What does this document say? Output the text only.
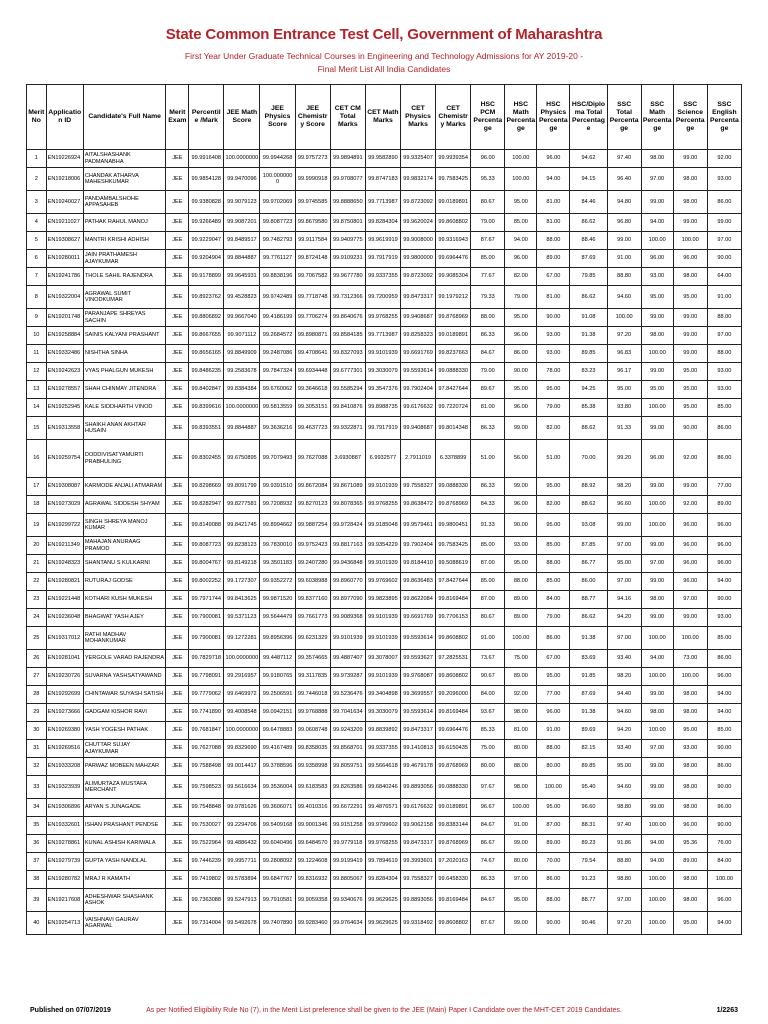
State Common Entrance Test Cell, Government of Maharashtra
First Year Under Graduate Technical Courses in Engineering and Technology Admissions for AY 2019-20 -
Final Merit List All India Candidates
Merit No	Application ID	Candidate's Full Name	Merit Exam	Percentile /Mark	JEE Math Score	JEE Physics Score	JEE Chemistry Score	CET CM Total Marks	CET Math Marks	CET Physics Marks	CET Chemistry Marks	HSC PCM Percentage	HSC Math Percentage	HSC Physics Percentage	HSC/Diploma Total Percentage	SSC Total Percentage	SSC Math Percentage	SSC Science Percentage	SSC English Percentage
1	EN19226924	AITALSHASHANK PADMANABHA	JEE	99.9916408	100.0000000	99.9944268	99.9757273	99.9894891	99.9582890	99.9325407	99.9939354	96.00	100.00	96.00	94.62	97.40	98.00	99.00	92.00
2	EN19218006	CHANDAK ATHARVA MAHESHKUMAR	JEE	99.9854128	99.9470096	100.0000000	99.9990918	99.9708077	99.8747183	99.9832174	99.7583425	95.33	100.00	94.00	94.15	96.40	97.00	98.00	93.00
3	EN19240027	PANDAMBALSHOHE APPASAHEB	JEE	99.9380828	99.9079123	99.9702069	99.9745585	99.8888650	99.7713987	99.8723092	99.0189891	80.67	95.00	81.00	84.46	94.80	99.00	98.00	86.00
4	EN19211027	PATHAK RAHUL MANOJ	JEE	99.9266489	99.9087201	99.8087723	99.8679580	99.8750801	99.8284304	99.9620024	99.8608802	79.00	85.00	81.00	86.62	96.80	94.00	99.00	99.00
5	EN19308627	MANTRI KRISHI ADHISH	JEE	99.9229047	99.8489517	99.7482793	99.9117584	99.9409775	99.9619919	99.9008000	99.9316943	87.67	94.00	88.00	88.46	99.00	100.00	100.00	97.00
6	EN19280011	JAIN PRATHAMESH AJAYKUMAR	JEE	99.9204904	99.8844887	99.7761127	99.8724148	99.9109231	99.7917919	99.9800000	99.6964476	85.00	96.00	89.00	87.69	91.00	96.00	96.00	90.00
7	EN19241786	THOLE SAHIL RAJENDRA	JEE	99.9178899	99.9645931	99.8838196	99.7067582	99.9677780	99.9337355	99.8723092	99.9085304	77.67	82.00	67.00	79.85	88.80	93.00	98.00	64.00
8	EN19322004	AGRAWAL SUMIT VINODKUMAR	JEE	99.8923762	99.4528823	99.9742489	99.7718748	99.7312366	99.7200959	99.8473317	99.1979212	79.33	79.00	81.00	86.62	94.60	95.00	95.00	91.00
9	EN19201748	PARANJAPE SHREYAS SACHIN	JEE	99.8806892	99.9667040	99.4186199	99.7706274	99.8640676	99.9768255	99.9408687	99.8768969	88.00	95.00	90.00	91.08	100.00	99.00	99.00	88.00
10	EN19258884	SAINIS KALYANI PRASHANT	JEE	99.8667655	99.9071112	99.2684572	99.8980871	99.8584185	99.7713987	99.8258323	99.0189891	86.33	96.00	93.00	91.38	97.20	98.00	99.00	97.00
11	EN19332486	NISHTHA SINHA	JEE	99.8656165	99.8849909	99.2487086	99.4708641	99.8327093	99.9101939	99.6691769	99.8237663	84.67	86.00	93.00	89.85	96.83	100.00	99.00	88.00
12	EN19242623	VYAS PHALGUN MUKESH	JEE	99.8486235	99.2583678	99.7847324	99.6934448	99.6777301	99.3030079	99.5593614	99.0888330	79.00	90.00	78.00	83.23	96.17	99.00	95.00	93.00
13	EN19278557	SHAH CHINMAY JITENDRA	JEE	99.8402847	99.8384384	99.6760062	99.3646618	99.5585294	99.3547376	99.7902404	97.8427644	89.67	95.00	95.00	94.25	95.00	95.00	95.00	93.00
14	EN19252945	KALE SIDDHARTH VINOD	JEE	99.8399616	100.0000000	99.5813559	99.3053151	99.8410876	99.8988735	99.6176632	99.7220724	81.00	96.00	79.00	85.38	93.80	100.00	95.00	85.00
15	EN19313558	SHAIKH ANAN AKHTAR HUSAIN	JEE	99.8393551	99.8844887	99.3636216	99.4637723	99.9322871	99.7917919	99.9408687	99.8014348	86.33	99.00	82.00	88.62	91.33	99.00	90.00	86.00
16	EN19259754	DODDIVISATYAMURTI PRABHULING	JEE	99.8302455	99.6750895	99.7079493	99.7627088	3.6930887	6.9932577	2.7911019	6.3378899	51.00	56.00	51.00	70.00	99.20	96.00	92.00	86.00
17	EN19308087	KARMODE ANJALI ATMARAM	JEE	99.8298669	99.8091799	99.9391510	99.8672084	99.8671089	99.9101939	99.7558327	99.0888330	86.33	99.00	95.00	88.92	98.20	99.00	99.00	77.00
18	EN19273029	AGRAWAL SIDDESH SHYAM	JEE	99.8282947	99.8277581	99.7208932	99.8270123	99.8078365	99.9768255	99.8638472	99.8768969	84.33	96.00	82.00	88.62	96.60	100.00	92.00	89.00
19	EN19299722	SINGH SHREYA MANOJ KUMAR	JEE	99.8149088	99.8421745	99.8994662	99.9887254	99.9728424	99.9185048	99.9579461	99.9800451	91.33	90.00	95.00	93.08	99.00	100.00	96.00	96.00
20	EN19211349	MAHAJAN ANURAAG PRAMOD	JEE	99.8087723	99.8238123	99.7830010	99.9752423	99.8817163	99.9354229	99.7902404	99.7583425	85.00	93.00	85.00	87.85	97.00	99.00	96.00	96.00
21	EN19248323	SHANTANU S KULKARNI	JEE	99.8004767	99.8149218	99.3501183	99.2407280	99.9436848	99.9101939	99.8184410	99.5088619	87.00	95.00	88.00	86.77	95.00	97.00	96.00	96.00
22	EN19280821	RUTURAJ GODSE	JEE	99.8002252	99.1727307	99.9352272	99.6038988	99.8960770	99.9769602	99.8636483	97.8427644	85.00	88.00	85.00	86.00	97.00	99.00	96.00	94.00
23	EN19221448	KOTHARI KUSH MUKESH	JEE	99.7971744	99.8413625	99.9871520	99.8377160	99.8977090	99.9823895	99.8622084	99.8169484	87.00	89.00	84.00	88.77	94.16	98.00	97.00	90.00
24	EN19236048	BHAGWAT YASH AJEY	JEE	99.7900081	99.5371123	99.5644479	99.7661773	99.9089368	99.9101939	99.6691769	99.7706153	80.67	89.00	79.00	86.62	94.20	99.00	99.00	93.00
25	EN19317012	RATHI MADHAV MOHANKUMAR	JEE	99.7900081	99.1272281	99.8956396	99.6231329	99.9101939	99.9101939	99.5593614	99.8608802	91.00	100.00	86.00	91.38	97.00	100.00	100.00	85.00
26	EN19281041	YERGOLE VARAD RAJENDRA	JEE	99.7829718	100.0000000	99.4487112	99.3574665	99.4887407	99.3078007	99.5593627	97.2825531	73.67	75.00	67.00	83.69	93.40	94.00	73.00	86.00
27	EN19230726	SUVARNA YASHSATYAWAND	JEE	99.7798091	99.2916957	99.9180765	99.3117835	99.9739287	99.9101939	99.9768087	99.8608802	90.67	89.00	95.00	91.85	98.20	100.00	100.00	96.00
28	EN19292699	CHINTAWAR SUYASH SATISH	JEE	99.7779062	99.6469972	99.2506591	99.7446018	99.5236476	99.3404898	99.3699557	99.2096000	84.00	92.00	77.00	87.69	94.40	99.00	98.00	94.00
29	EN19273666	GADGAM KISHOR RAVI	JEE	99.7741890	99.4008548	99.0942151	99.9768888	99.7041634	99.3030079	99.5593614	99.8169484	93.67	98.00	96.00	91.38	94.60	98.00	98.00	94.00
30	EN19269380	YASH YOGESH PATHAK	JEE	99.7681847	100.0000000	99.6478883	99.0608748	99.9243209	99.8839892	99.8473317	99.6964476	85.33	81.00	91.00	89.69	94.20	100.00	95.00	85.00
31	EN19269516	CHUTTAR SUJAY AJAYKUMAR	JEE	99.7627088	99.8329690	99.4167489	99.8358035	99.8568701	99.9337355	99.1410813	99.6150435	75.00	80.00	88.00	82.15	93.40	97.00	93.00	90.00
32	EN19333208	PARWAZ MOBEEN MAHZAR	JEE	99.7588498	99.0014417	99.3788596	99.9358998	99.8059751	99.5664618	99.4679178	99.8768969	80.00	88.00	80.00	89.85	95.00	99.00	98.00	86.00
33	EN19323939	ALIMURTAZA MUSTAFA MERCHANT	JEE	99.7598523	99.5616634	99.3536004	99.6183583	99.8263586	99.6840246	99.8893056	99.0888330	97.67	98.00	100.00	95.40	94.60	99.00	98.00	90.00
34	EN19306896	ARYAN S JUNAGADE	JEE	99.7548848	99.9781626	99.3606071	99.4010316	99.6672291	99.4876571	99.6176632	99.0189891	96.67	100.00	95.00	96.60	98.80	99.00	98.00	96.00
35	EN19332601	ISHAN PRASHANT PENDSE	JEE	99.7530027	99.2294706	99.5409168	99.9001346	99.9151258	99.9799602	99.9062158	99.8383144	84.67	91.00	87.00	88.31	97.40	100.00	96.00	90.00
36	EN19278861	KUNAL ASHISH KARIWALA	JEE	99.7522964	99.4886432	99.6040496	99.6484570	99.9779118	99.9768255	99.8473317	99.8768969	86.67	99.00	89.00	89.23	91.86	94.00	95.36	76.00
37	EN19279739	GUPTA YASH NANDLAL	JEE	99.7446239	99.9957711	99.2808092	99.1224608	99.9199419	99.7894619	99.3993601	97.2020163	74.67	80.00	70.00	79.54	88.80	94.00	89.00	84.00
38	EN19280782	MRAJ R KAMATH	JEE	99.7419802	99.5783894	99.6847767	99.8316932	99.8805067	99.8284304	99.7558327	99.6458330	86.33	97.00	86.00	91.23	98.80	100.00	98.00	100.00
39	EN19217608	ADHESHWAR SHASHANK ASHOK	JEE	99.7363088	99.5247913	99.7910581	99.9059358	99.9340676	99.9629625	99.8893056	99.8169484	84.67	95.00	88.00	88.77	97.00	100.00	98.00	96.00
40	EN19254713	VAISHNAVI GAURAV AGARWAL	JEE	99.7314004	99.5492678	99.7407890	99.9283460	99.9764634	99.9629625	99.9318492	99.8608802	87.67	99.00	90.00	90.46	97.20	100.00	95.00	94.00
Published on 07/07/2019	As per Notified Eligibility Rule No (7), in the Merit List preference shall be given to the JEE (Main) Paper I Candidate over the MHT-CET 2019 Candidates.	1/2263
